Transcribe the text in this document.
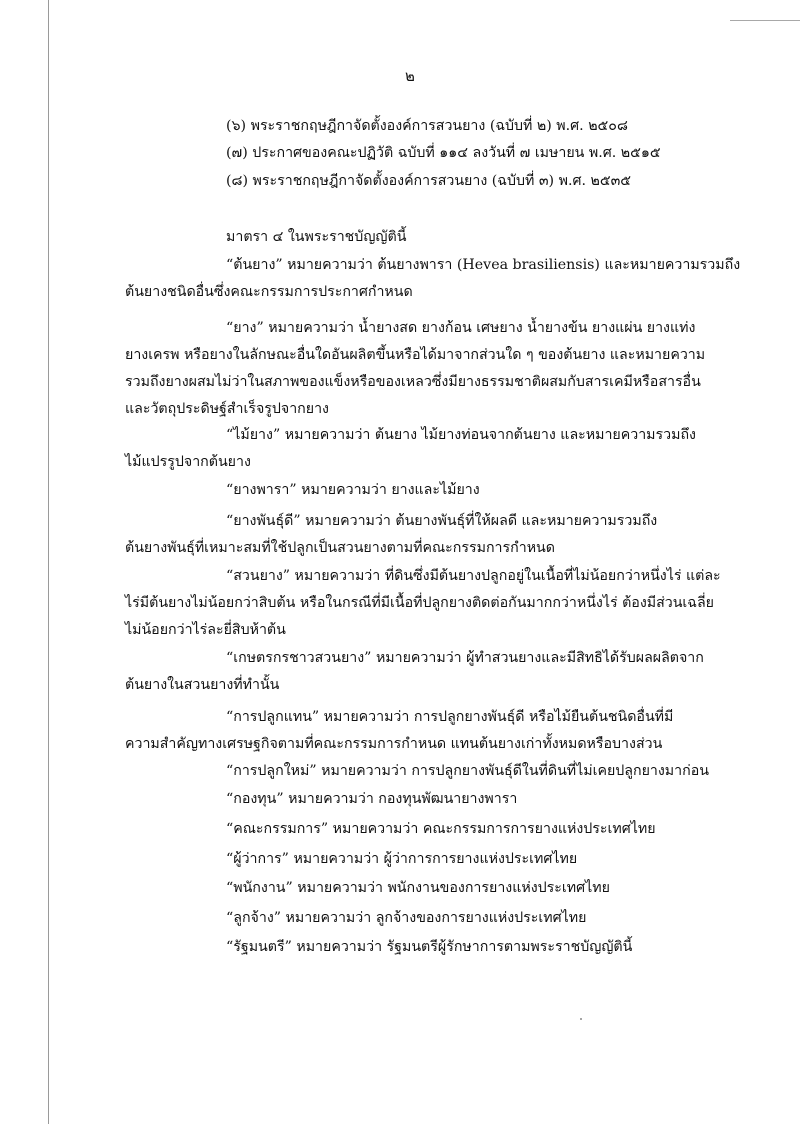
๒
(๖) พระราชกฤษฎีกาจัดตั้งองค์การสวนยาง (ฉบับที่ ๒) พ.ศ. ๒๕๐๘
(๗) ประกาศของคณะปฏิวัติ ฉบับที่ ๑๑๔ ลงวันที่ ๗ เมษายน พ.ศ. ๒๕๑๕
(๘) พระราชกฤษฎีกาจัดตั้งองค์การสวนยาง (ฉบับที่ ๓) พ.ศ. ๒๕๓๕
มาตรา ๔ ในพระราชบัญญัตินี้
“ต้นยาง” หมายความว่า ต้นยางพารา (Hevea brasiliensis) และหมายความรวมถึง
ต้นยางชนิดอื่นซึ่งคณะกรรมการประกาศกำหนด
“ยาง” หมายความว่า น้ำยางสด ยางก้อน เศษยาง น้ำยางข้น ยางแผ่น ยางแท่ง
ยางเครพ หรือยางในลักษณะอื่นใดอันผลิตขึ้นหรือได้มาจากส่วนใด ๆ ของต้นยาง และหมายความ
รวมถึงยางผสมไม่ว่าในสภาพของแข็งหรือของเหลวซึ่งมียางธรรมชาติผสมกับสารเคมีหรือสารอื่น
และวัตถุประดิษฐ์สำเร็จรูปจากยาง
“ไม้ยาง” หมายความว่า ต้นยาง ไม้ยางท่อนจากต้นยาง และหมายความรวมถึง
ไม้แปรรูปจากต้นยาง
“ยางพารา” หมายความว่า ยางและไม้ยาง
“ยางพันธุ์ดี” หมายความว่า ต้นยางพันธุ์ที่ให้ผลดี และหมายความรวมถึง
ต้นยางพันธุ์ที่เหมาะสมที่ใช้ปลูกเป็นสวนยางตามที่คณะกรรมการกำหนด
“สวนยาง” หมายความว่า ที่ดินซึ่งมีต้นยางปลูกอยู่ในเนื้อที่ไม่น้อยกว่าหนึ่งไร่ แต่ละ
ไร่มีต้นยางไม่น้อยกว่าสิบต้น หรือในกรณีที่มีเนื้อที่ปลูกยางติดต่อกันมากกว่าหนึ่งไร่ ต้องมีส่วนเฉลี่ย
ไม่น้อยกว่าไร่ละยี่สิบห้าต้น
“เกษตรกรชาวสวนยาง” หมายความว่า ผู้ทำสวนยางและมีสิทธิได้รับผลผลิตจาก
ต้นยางในสวนยางที่ทำนั้น
“การปลูกแทน” หมายความว่า การปลูกยางพันธุ์ดี หรือไม้ยืนต้นชนิดอื่นที่มี
ความสำคัญทางเศรษฐกิจตามที่คณะกรรมการกำหนด แทนต้นยางเก่าทั้งหมดหรือบางส่วน
“การปลูกใหม่” หมายความว่า การปลูกยางพันธุ์ดีในที่ดินที่ไม่เคยปลูกยางมาก่อน
“กองทุน” หมายความว่า กองทุนพัฒนายางพารา
“คณะกรรมการ” หมายความว่า คณะกรรมการการยางแห่งประเทศไทย
“ผู้ว่าการ” หมายความว่า ผู้ว่าการการยางแห่งประเทศไทย
“พนักงาน” หมายความว่า พนักงานของการยางแห่งประเทศไทย
“ลูกจ้าง” หมายความว่า ลูกจ้างของการยางแห่งประเทศไทย
“รัฐมนตรี” หมายความว่า รัฐมนตรีผู้รักษาการตามพระราชบัญญัตินี้
